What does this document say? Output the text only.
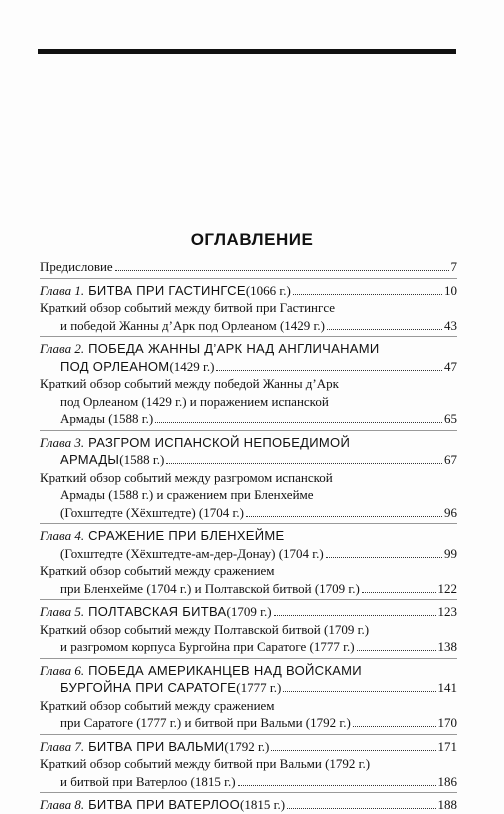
ОГЛАВЛЕНИЕ
Предисловие	7
Глава 1. БИТВА ПРИ ГАСТИНГСЕ (1066 г.)	10
Краткий обзор событий между битвой при Гастингсе
и победой Жанны д’Арк под Орлеаном (1429 г.)	43
Глава 2. ПОБЕДА ЖАННЫ Д’АРК НАД АНГЛИЧАНАМИ
ПОД ОРЛЕАНОМ (1429 г.)	47
Краткий обзор событий между победой Жанны д’Арк
под Орлеаном (1429 г.) и поражением испанской
Армады (1588 г.)	65
Глава 3. РАЗГРОМ ИСПАНСКОЙ НЕПОБЕДИМОЙ
АРМАДЫ (1588 г.)	67
Краткий обзор событий между разгромом испанской
Армады (1588 г.) и сражением при Бленхейме
(Гохштедте (Хёхштедте) (1704 г.)	96
Глава 4. СРАЖЕНИЕ ПРИ БЛЕНХЕЙМЕ
(Гохштедте (Хёхштедте-ам-дер-Донау) (1704 г.)	99
Краткий обзор событий между сражением
при Бленхейме (1704 г.) и Полтавской битвой (1709 г.)	122
Глава 5. ПОЛТАВСКАЯ БИТВА (1709 г.)	123
Краткий обзор событий между Полтавской битвой (1709 г.)
и разгромом корпуса Бургойна при Саратоге (1777 г.)	138
Глава 6. ПОБЕДА АМЕРИКАНЦЕВ НАД ВОЙСКАМИ
БУРГОЙНА ПРИ САРАТОГЕ (1777 г.)	141
Краткий обзор событий между сражением
при Саратоге (1777 г.) и битвой при Вальми (1792 г.)	170
Глава 7. БИТВА ПРИ ВАЛЬМИ (1792 г.)	171
Краткий обзор событий между битвой при Вальми (1792 г.)
и битвой при Ватерлоо (1815 г.)	186
Глава 8. БИТВА ПРИ ВАТЕРЛОО (1815 г.)	188
